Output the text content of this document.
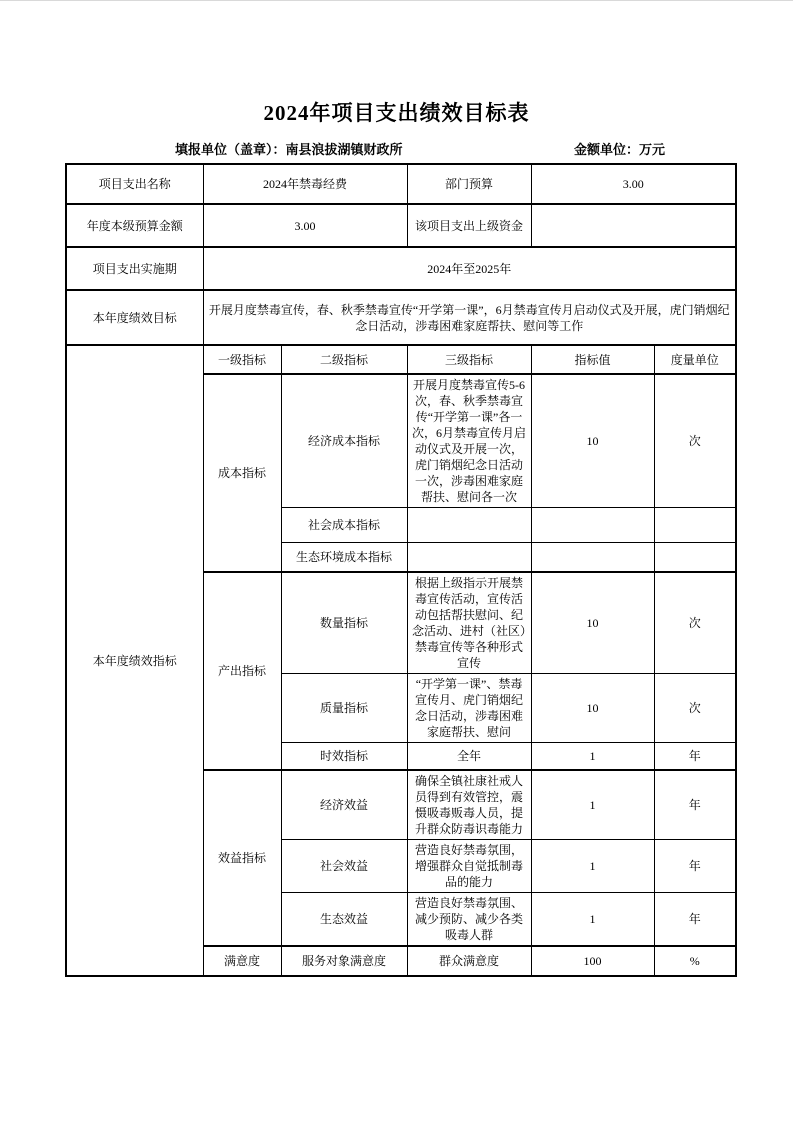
2024年项目支出绩效目标表
填报单位（盖章）：南县浪拔湖镇财政所	金额单位：万元
项目支出名称	2024年禁毒经费		部门预算	3.00	
年度本级预算金额	3.00		该项目支出上级资金		
项目支出实施期	2024年至2025年				
本年度绩效目标	开展月度禁毒宣传，春、秋季禁毒宣传“开学第一课”，6月禁毒宣传月启动仪式及开展，虎门销烟纪念日活动，涉毒困难家庭帮扶、慰问等工作				
本年度绩效指标	一级指标	二级指标	三级指标	指标值	度量单位
	成本指标	经济成本指标	开展月度禁毒宣传5-6次，春、秋季禁毒宣传“开学第一课”各一次，6月禁毒宣传月启动仪式及开展一次，虎门销烟纪念日活动一次，涉毒困难家庭帮扶、慰问各一次	10	次
		社会成本指标			
		生态环境成本指标			
	产出指标	数量指标	根据上级指示开展禁毒宣传活动，宣传活动包括帮扶慰问、纪念活动、进村（社区）禁毒宣传等各种形式宣传	10	次
		质量指标	“开学第一课”、禁毒宣传月、虎门销烟纪念日活动，涉毒困难家庭帮扶、慰问	10	次
		时效指标	全年	1	年
	效益指标	经济效益	确保全镇社康社戒人员得到有效管控，震慑吸毒贩毒人员，提升群众防毒识毒能力	1	年
		社会效益	营造良好禁毒氛围，增强群众自觉抵制毒品的能力	1	年
		生态效益	营造良好禁毒氛围、减少预防、减少各类吸毒人群	1	年
	满意度	服务对象满意度	群众满意度	100	%
